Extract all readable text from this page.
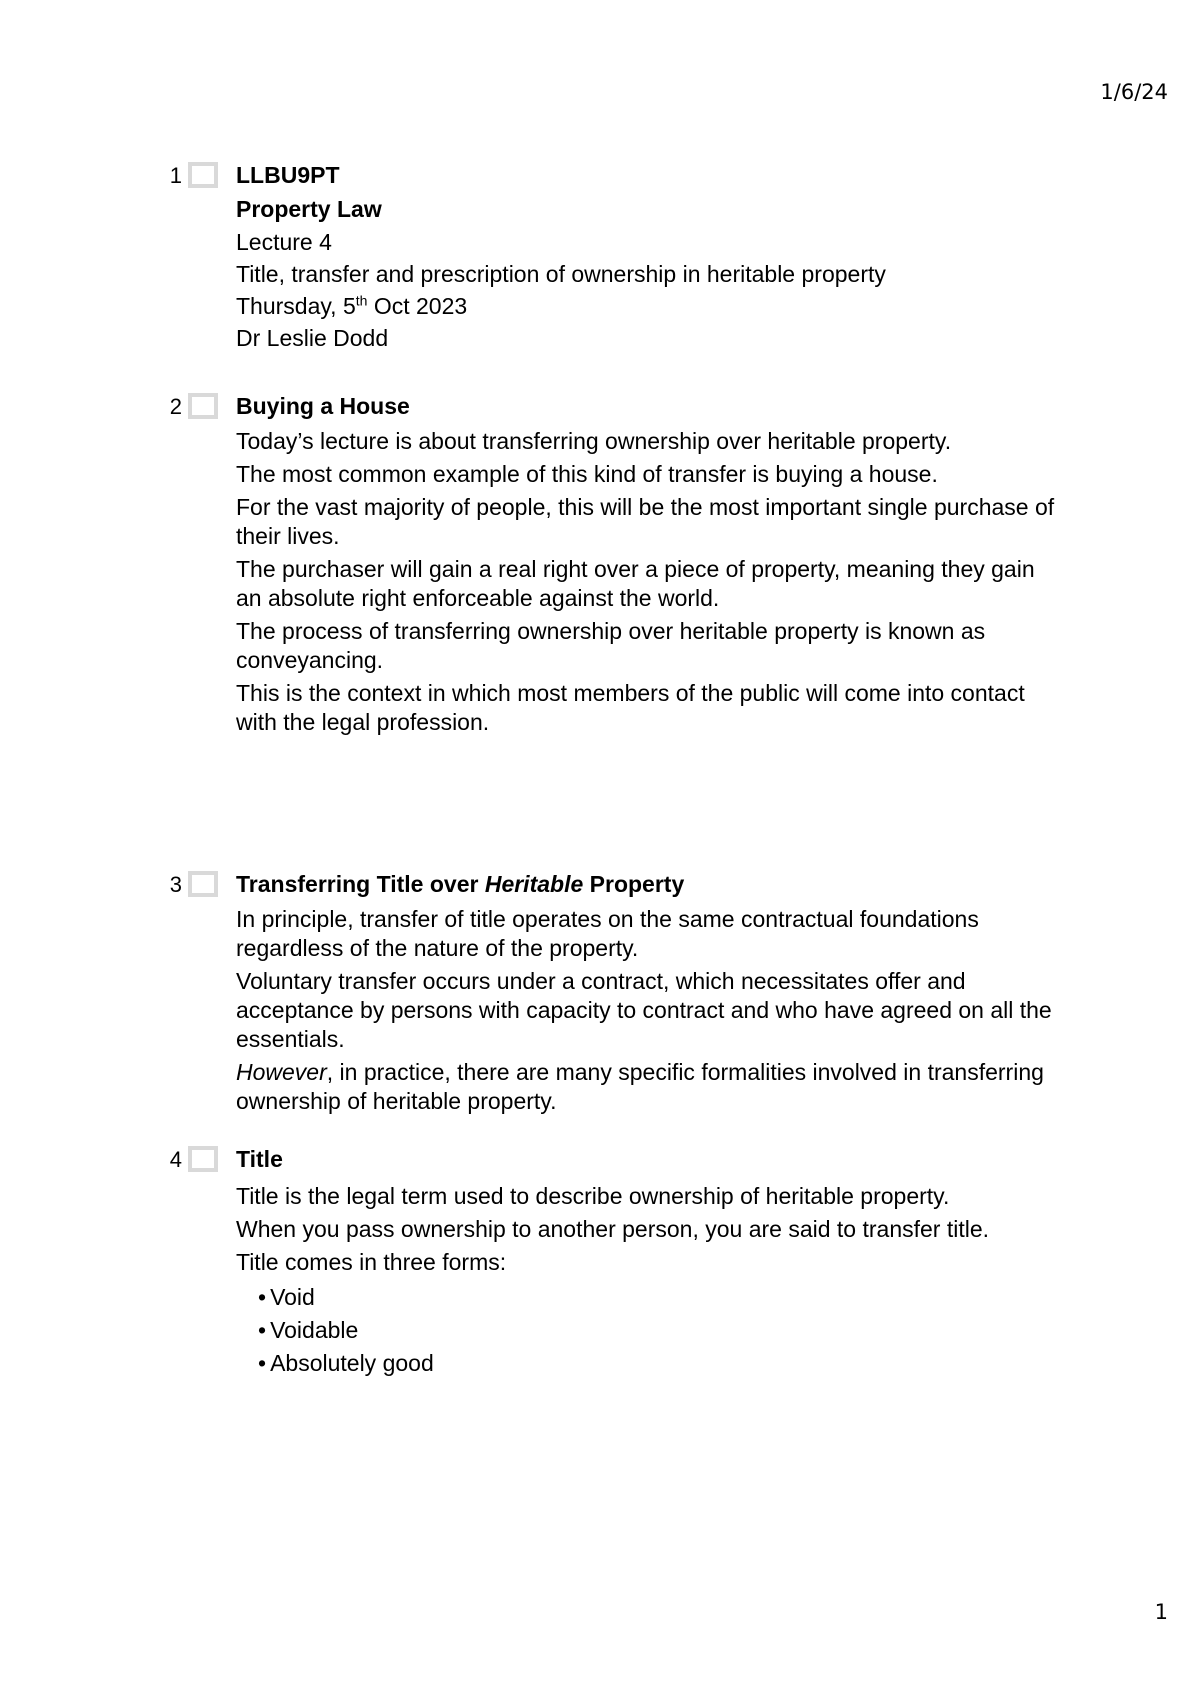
1/6/24
1 LLBU9PT

Property Law

Lecture 4

Title, transfer and prescription of ownership in heritable property

Thursday, 5th Oct 2023

Dr Leslie Dodd

2 Buying a House

Today’s lecture is about transferring ownership over heritable property.

The most common example of this kind of transfer is buying a house.

For the vast majority of people, this will be the most important single purchase of their lives.

The purchaser will gain a real right over a piece of property, meaning they gain an absolute right enforceable against the world.

The process of transferring ownership over heritable property is known as conveyancing.

This is the context in which most members of the public will come into contact with the legal profession.

3 Transferring Title over Heritable Property

In principle, transfer of title operates on the same contractual foundations regardless of the nature of the property.

Voluntary transfer occurs under a contract, which necessitates offer and acceptance by persons with capacity to contract and who have agreed on all the essentials.

However, in practice, there are many specific formalities involved in transferring ownership of heritable property.

4 Title

Title is the legal term used to describe ownership of heritable property.

When you pass ownership to another person, you are said to transfer title.

Title comes in three forms:

• Void
• Voidable
• Absolutely good
1
